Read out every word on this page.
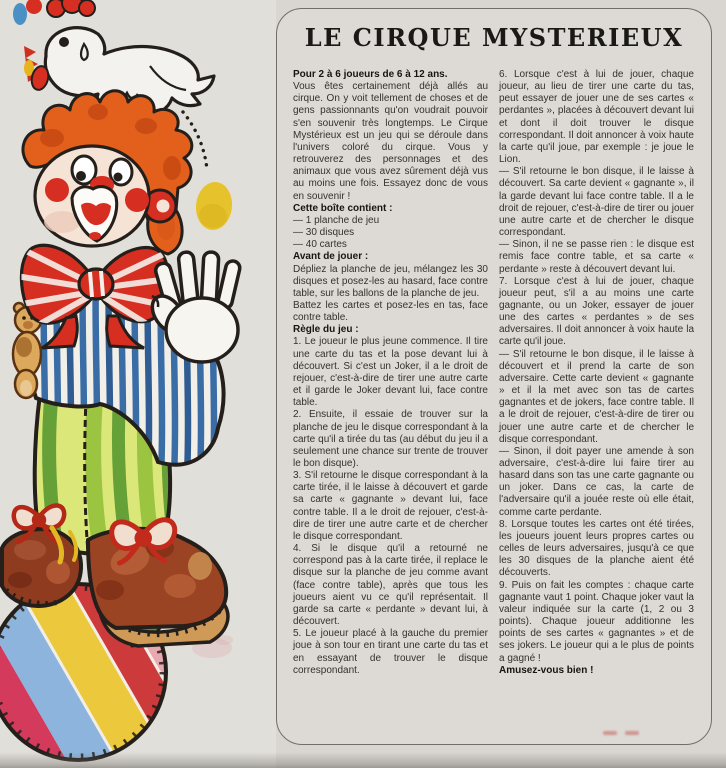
LE CIRQUE MYSTERIEUX

Pour 2 à 6 joueurs de 6 à 12 ans.

Vous êtes certainement déjà allés au cirque. On y voit tellement de choses et de gens passionnants qu'on voudrait pouvoir s'en souvenir très longtemps. Le Cirque Mystérieux est un jeu qui se déroule dans l'univers coloré du cirque. Vous y retrouverez des personnages et des animaux que vous avez sûrement déjà vus au moins une fois. Essayez donc de vous en souvenir !

Cette boîte contient :

— 1 planche de jeu

— 30 disques

— 40 cartes

Avant de jouer :

Dépliez la planche de jeu, mélangez les 30 disques et posez-les au hasard, face contre table, sur les ballons de la planche de jeu.

Battez les cartes et posez-les en tas, face contre table.

Règle du jeu :

1. Le joueur le plus jeune commence. Il tire une carte du tas et la pose devant lui à découvert. Si c'est un Joker, il a le droit de rejouer, c'est-à-dire de tirer une autre carte et il garde le Joker devant lui, face contre table.

2. Ensuite, il essaie de trouver sur la planche de jeu le disque correspondant à la carte qu'il a tirée du tas (au début du jeu il a seulement une chance sur trente de trouver le bon disque).

3. S'il retourne le disque correspondant à la carte tirée, il le laisse à découvert et garde sa carte « gagnante » devant lui, face contre table. Il a le droit de rejouer, c'est-à-dire de tirer une autre carte et de chercher le disque correspondant.

4. Si le disque qu'il a retourné ne correspond pas à la carte tirée, il replace le disque sur la planche de jeu comme avant (face contre table), après que tous les joueurs aient vu ce qu'il représentait. Il garde sa carte « perdante » devant lui, à découvert.

5. Le joueur placé à la gauche du premier joue à son tour en tirant une carte du tas et en essayant de trouver le disque correspondant.

6. Lorsque c'est à lui de jouer, chaque joueur, au lieu de tirer une carte du tas, peut essayer de jouer une de ses cartes « perdantes », placées à découvert devant lui et dont il doit trouver le disque correspondant. Il doit annoncer à voix haute la carte qu'il joue, par exemple : je joue le Lion.

— S'il retourne le bon disque, il le laisse à découvert. Sa carte devient « gagnante », il la garde devant lui face contre table. Il a le droit de rejouer, c'est-à-dire de tirer ou jouer une autre carte et de chercher le disque correspondant.

— Sinon, il ne se passe rien : le disque est remis face contre table, et sa carte « perdante » reste à découvert devant lui.

7. Lorsque c'est à lui de jouer, chaque joueur peut, s'il a au moins une carte gagnante, ou un Joker, essayer de jouer une des cartes « perdantes » de ses adversaires. Il doit annoncer à voix haute la carte qu'il joue.

— S'il retourne le bon disque, il le laisse à découvert et il prend la carte de son adversaire. Cette carte devient « gagnante » et il la met avec son tas de cartes gagnantes et de jokers, face contre table. Il a le droit de rejouer, c'est-à-dire de tirer ou jouer une autre carte et de chercher le disque correspondant.

— Sinon, il doit payer une amende à son adversaire, c'est-à-dire lui faire tirer au hasard dans son tas une carte gagnante ou un joker. Dans ce cas, la carte de l'adversaire qu'il a jouée reste où elle était, comme carte perdante.

8. Lorsque toutes les cartes ont été tirées, les joueurs jouent leurs propres cartes ou celles de leurs adversaires, jusqu'à ce que les 30 disques de la planche aient été découverts.

9. Puis on fait les comptes : chaque carte gagnante vaut 1 point. Chaque joker vaut la valeur indiquée sur la carte (1, 2 ou 3 points). Chaque joueur additionne les points de ses cartes « gagnantes » et de ses jokers. Le joueur qui a le plus de points a gagné !

Amusez-vous bien !
